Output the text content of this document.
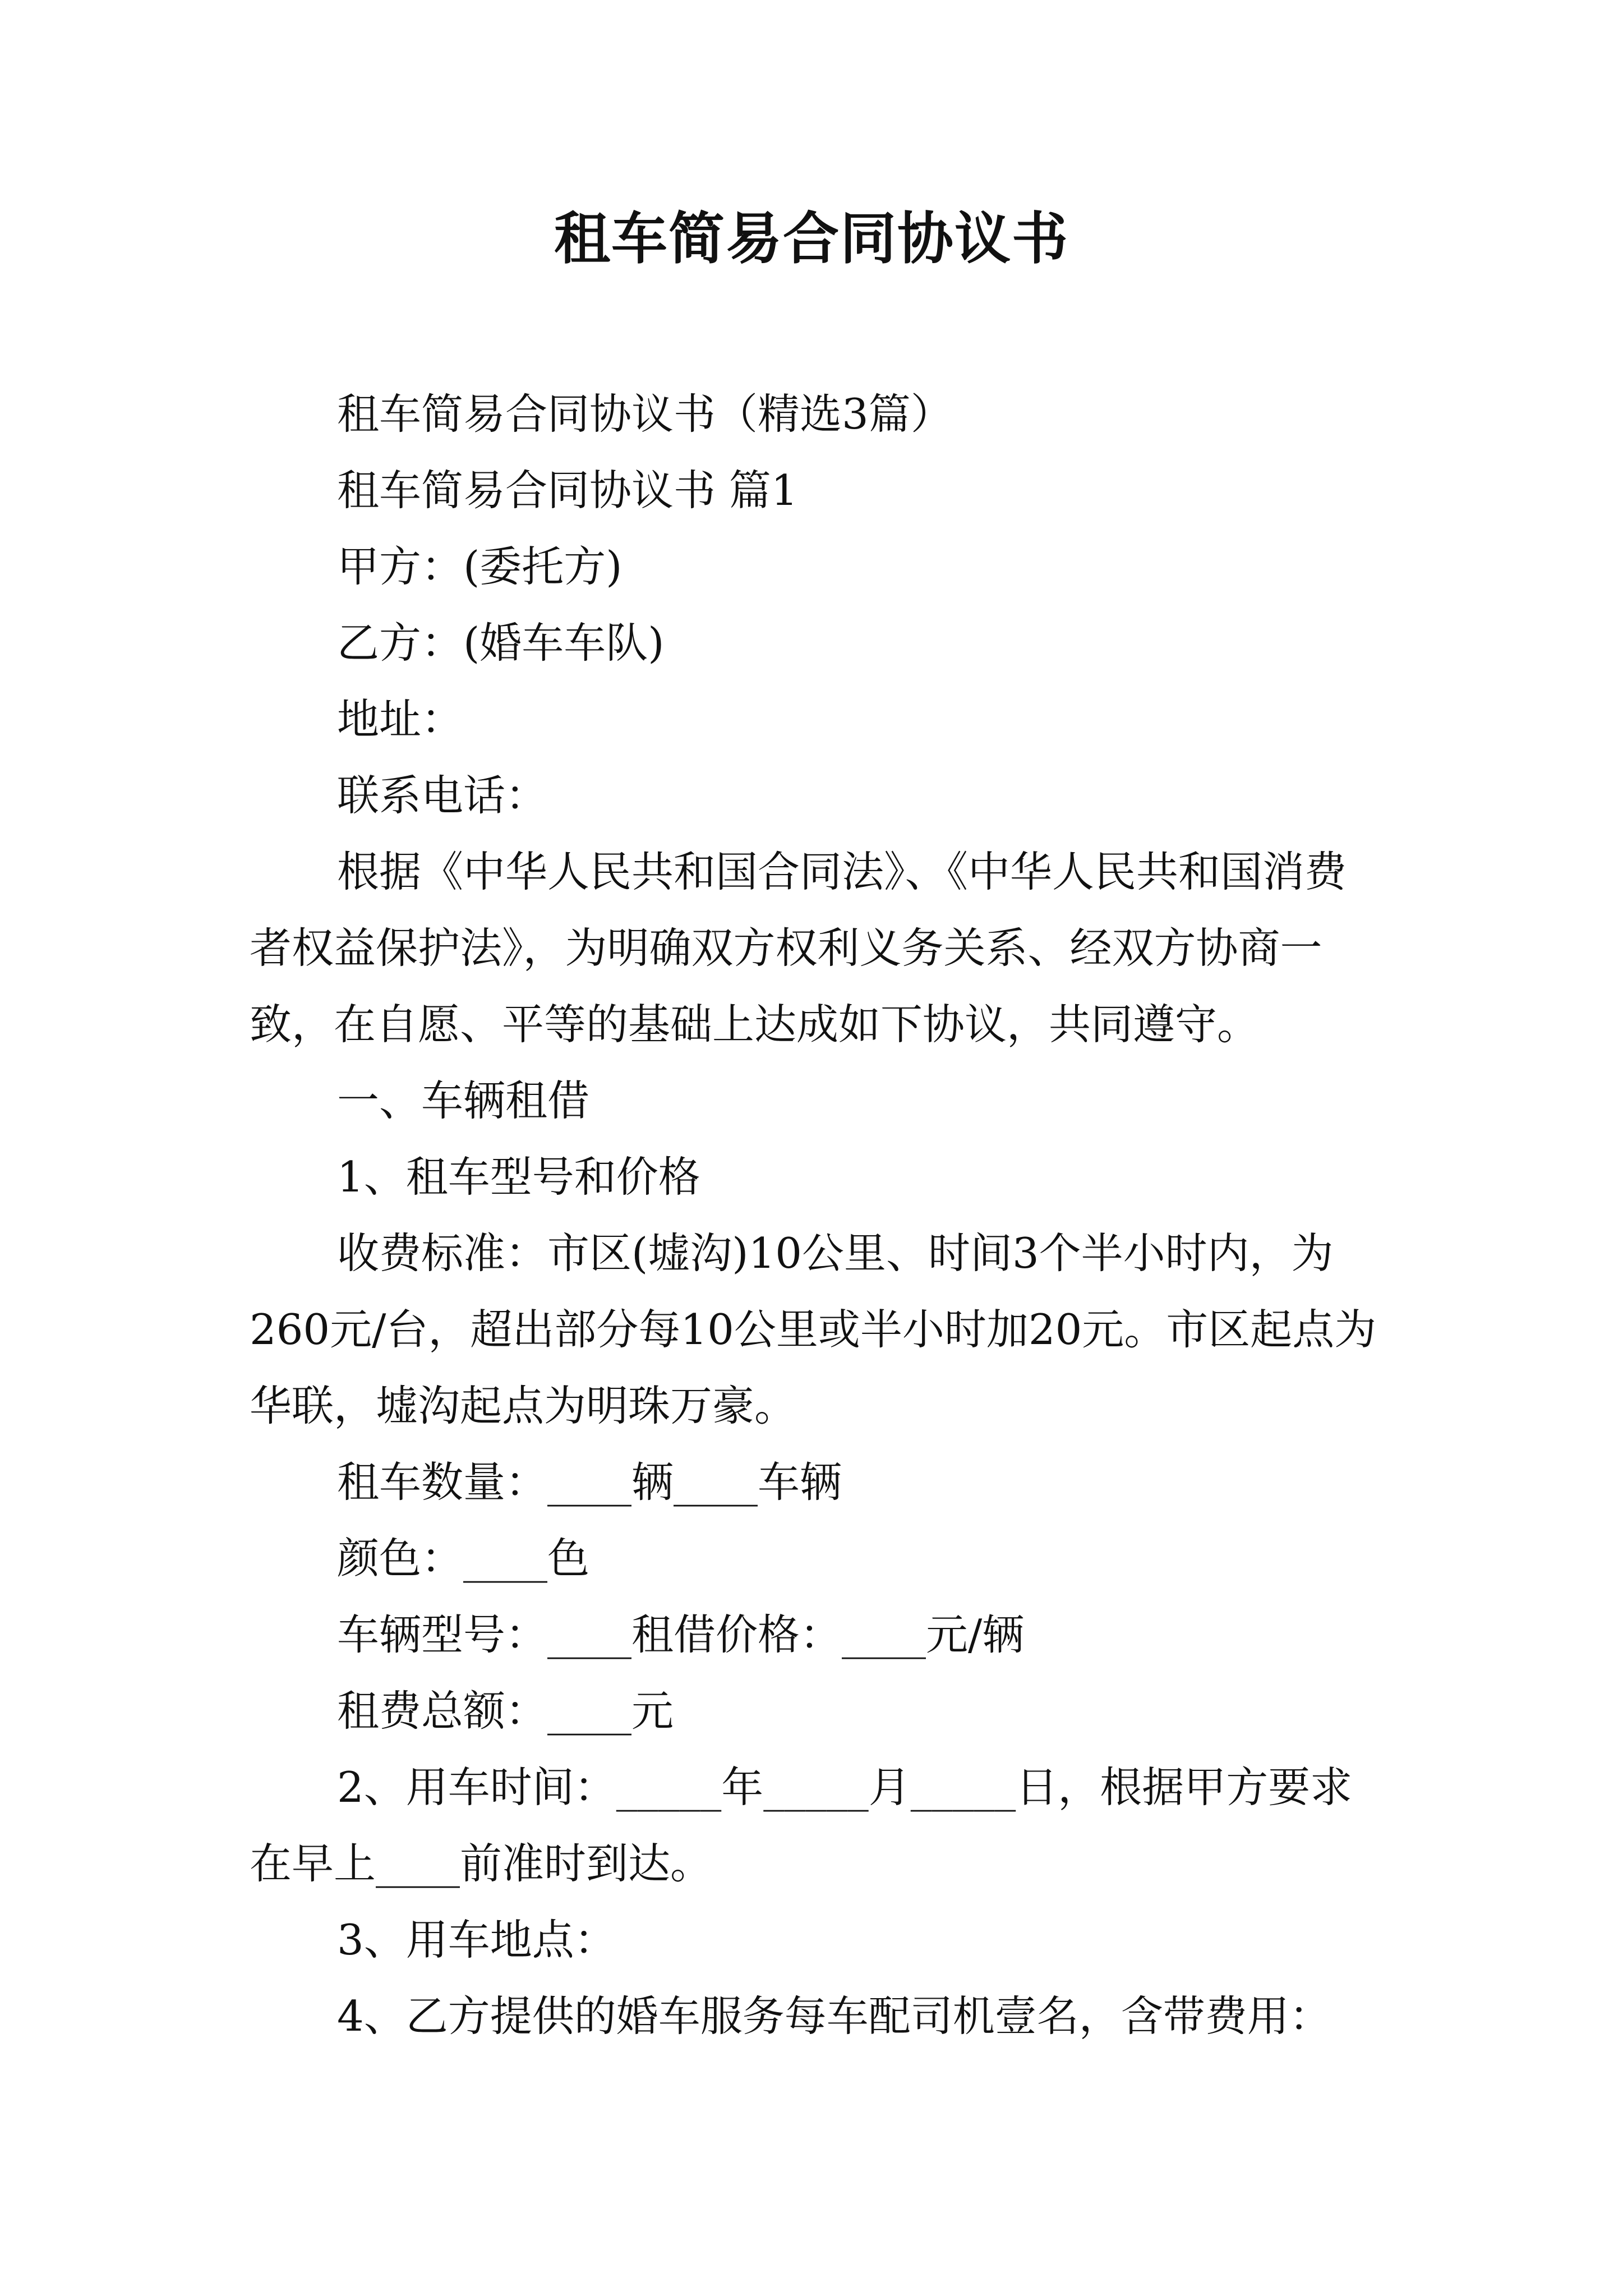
租车简易合同协议书

租车简易合同协议书（精选3篇）

租车简易合同协议书 篇1

甲方：(委托方)

乙方：(婚车车队)

地址：

联系电话：

根据《中华人民共和国合同法》、《中华人民共和国消费者权益保护法》，为明确双方权利义务关系、经双方协商一致，在自愿、平等的基础上达成如下协议，共同遵守。

一、车辆租借

1、租车型号和价格

收费标准：市区(墟沟)10公里、时间3个半小时内，为260元/台，超出部分每10公里或半小时加20元。市区起点为华联，墟沟起点为明珠万豪。

租车数量：____辆____车辆

颜色：____色

车辆型号：____租借价格：____元/辆

租费总额：____元

2、用车时间：_____年_____月_____日，根据甲方要求在早上____前准时到达。

3、用车地点：

4、乙方提供的婚车服务每车配司机壹名，含带费用：
